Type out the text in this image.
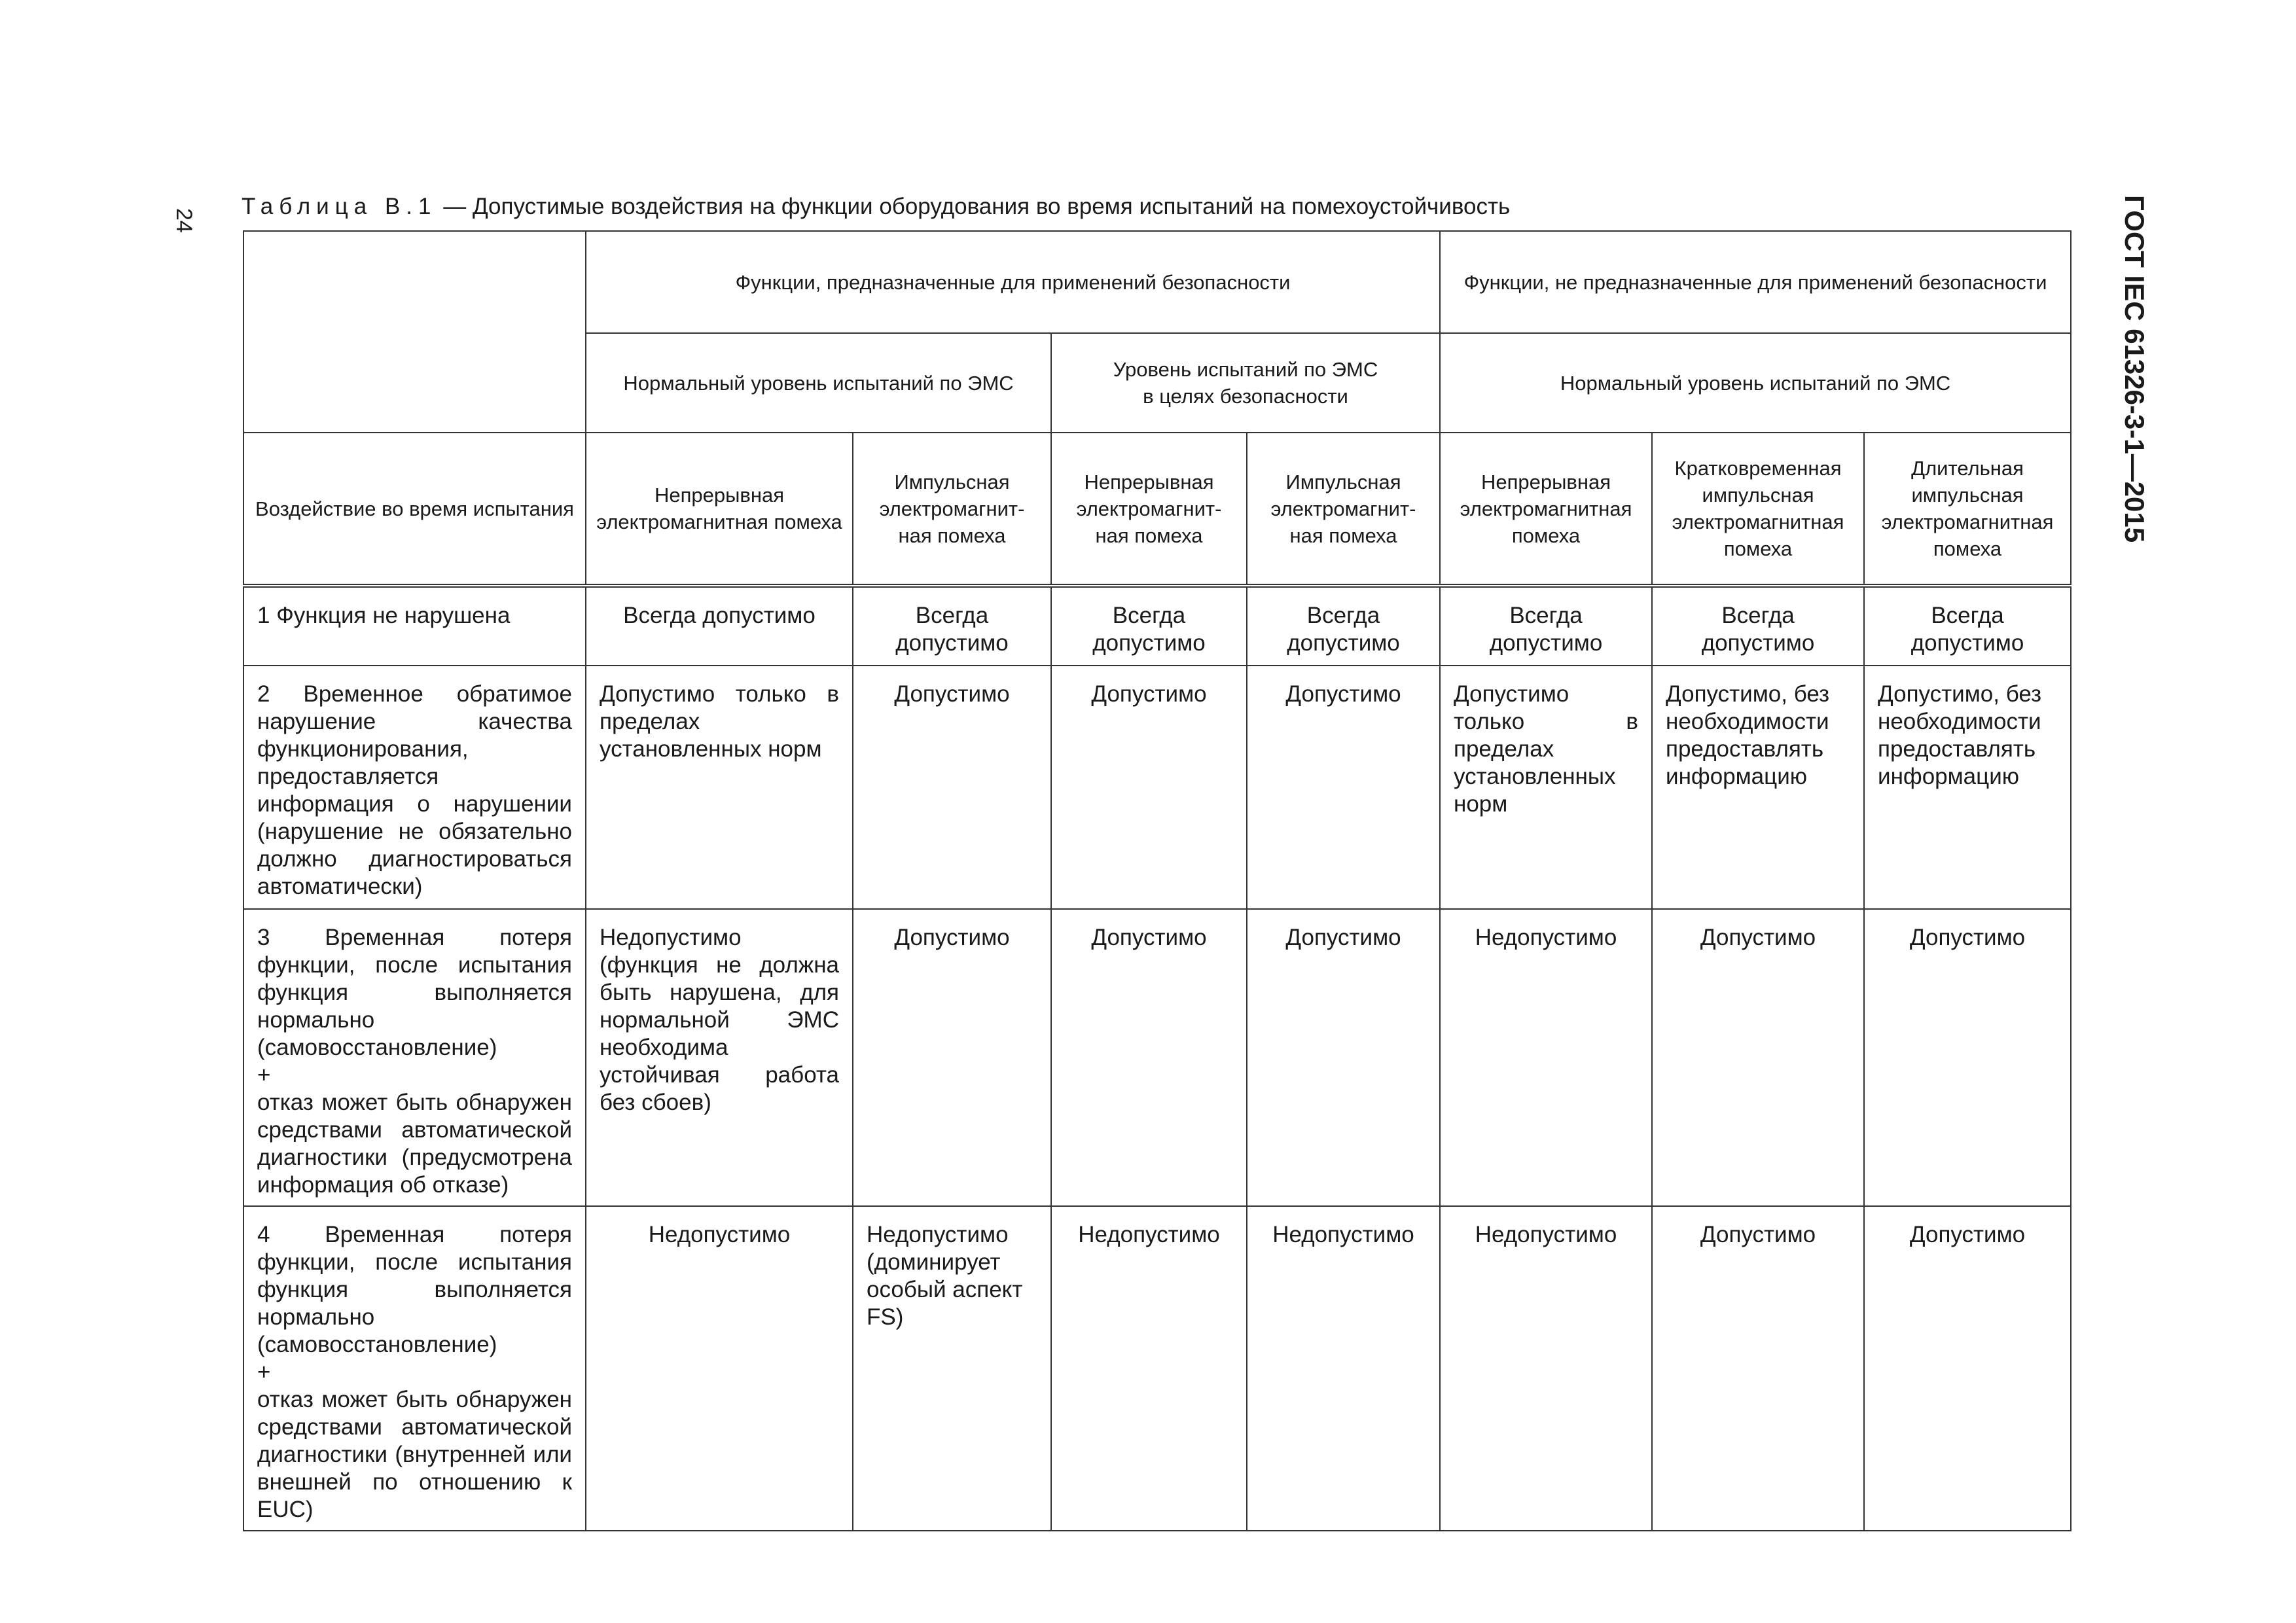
24	ГОСТ IEC 61326-3-1—2015
Таблица В.1 — Допустимые воздействия на функции оборудования во время испытаний на помехоустойчивость
	Функции, предназначенные для применений безопасности				Функции, не предназначенные для применений безопасности		
	Нормальный уровень испытаний по ЭМС		Уровень испытаний по ЭМС
в целях безопасности		Нормальный уровень испытаний по ЭМС		
Воздействие во время испытания	Непрерывная электромагнитная помеха	Импульсная электромагнит-ная помеха	Непрерывная электромагнит-ная помеха	Импульсная электромагнит-ная помеха	Непрерывная электромагнитная помеха	Кратковременная импульсная электромагнитная помеха	Длительная импульсная электромагнитная помеха
1 Функция не нарушена	Всегда допустимо	Всегда допустимо	Всегда допустимо	Всегда допустимо	Всегда допустимо	Всегда допустимо	Всегда допустимо
2 Временное обратимое нарушение качества функционирования, предоставляется информация о нарушении (нарушение не обязательно должно диагностироваться автоматически)	Допустимо только в пределах установленных норм	Допустимо	Допустимо	Допустимо	Допустимо только в пределах установленных норм	Допустимо, без необходимости предоставлять информацию	Допустимо, без необходимости предоставлять информацию

3 Временная потеря функции, после испытания функция выполняется нормально (самовосстановление)
+
отказ может быть обнаружен средствами автоматической диагностики (предусмотрена информация об отказе)	Недопустимо (функция не должна быть нарушена, для нормальной ЭМС необходима устойчивая работа без сбоев)	Допустимо	Допустимо	Допустимо	Недопустимо	Допустимо	Допустимо

4 Временная потеря функции, после испытания функция выполняется нормально (самовосстановление)
+
отказ может быть обнаружен средствами автоматической диагностики (внутренней или внешней по отношению к EUC)	Недопустимо	Недопустимо (доминирует особый аспект FS)	Недопустимо	Недопустимо	Недопустимо	Допустимо	Допустимо
